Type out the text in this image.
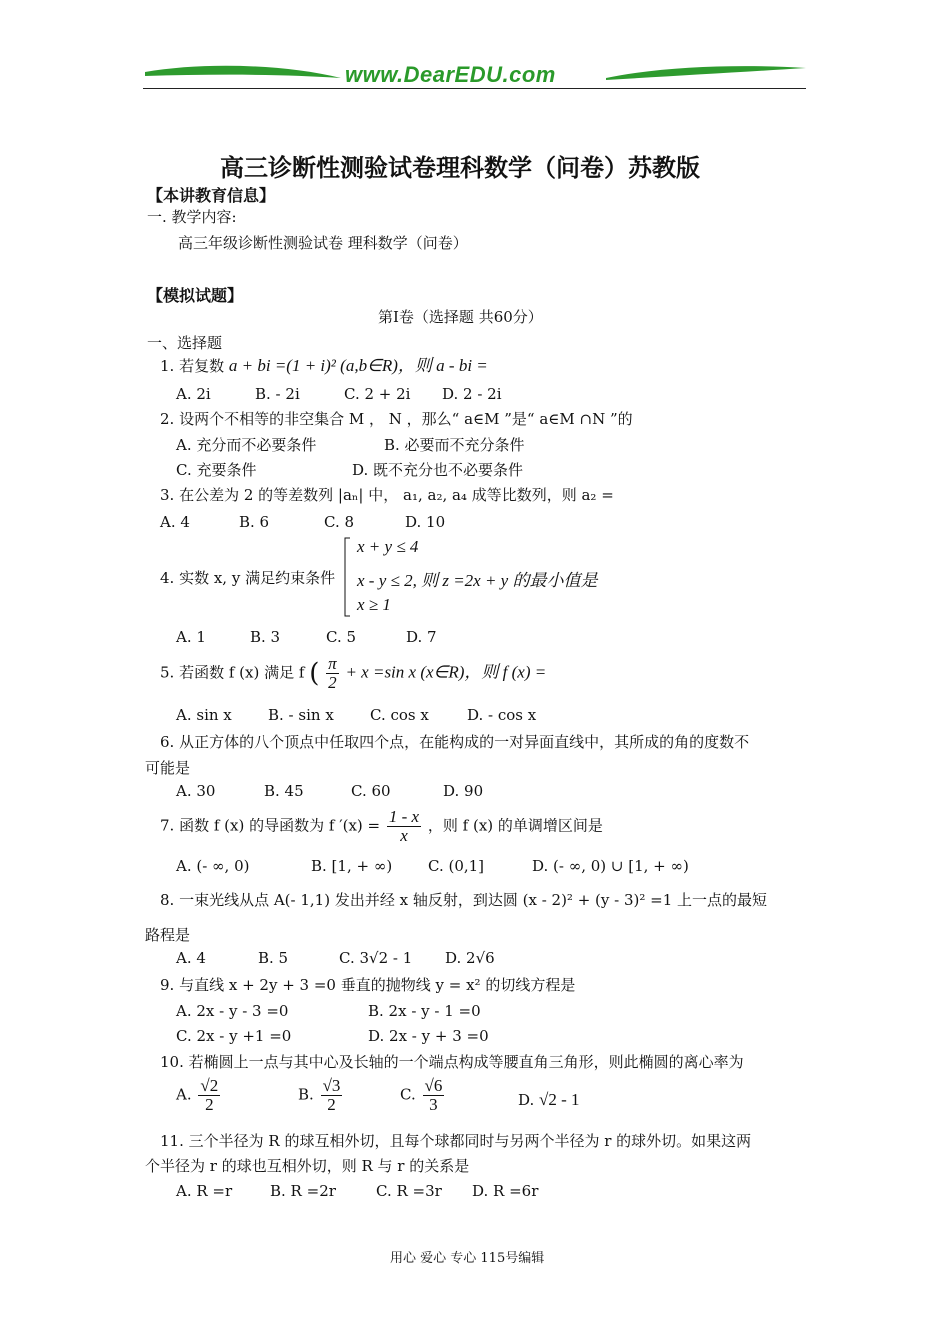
www.DearEDU.com
高三诊断性测验试卷理科数学（问卷）苏教版
【本讲教育信息】
一. 教学内容:
高三年级诊断性测验试卷 理科数学（问卷）
【模拟试题】
第Ⅰ卷（选择题 共60分）
一、选择题
1. 若复数 a + bi =(1 + i)² (a,b∈R)，则 a - bi =
A. 2i	B. - 2i	C. 2 + 2i D. 2 - 2i
2. 设两个不相等的非空集合 M ， N ，那么“ a∈M ”是“ a∈M ∩N ”的
A. 充分而不必要条件	B. 必要而不充分条件
C. 充要条件	D. 既不充分也不必要条件
3. 在公差为 2 的等差数列 |aₙ| 中， a₁, a₂, a₄ 成等比数列，则 a₂ =
A. 4	B. 6	C. 8	D. 10
4. 实数 x, y 满足约束条件
x + y ≤ 4
x - y ≤ 2, 则 z =2x + y 的最小值是
x ≥ 1
A. 1	B. 3	C. 5	D. 7
5. 若函数 f (x) 满足 f ( $\frac{\pi}{2} + x =\sin$ x (x∈R)，则 f (x) =
A. sin x B. - sin x C. cos x	D. - cos x
6. 从正方体的八个顶点中任取四个点，在能构成的一对异面直线中，其所成的角的度数不
可能是
A. 30	B. 45	C. 60	D. 90
7. 函数 f (x) 的导函数为 f $'(x) = \frac{1 - x}{x}$ ，则 f (x) 的单调增区间是
A. (- ∞, 0)	B. [1, + ∞) C. (0,1]	D. (- ∞, 0) ∪ [1, + ∞)
8. 一束光线从点 A(- 1,1) 发出并经 x 轴反射，到达圆 (x - 2)² + (y - 3)² =1 上一点的最短
路程是
A. 4	B. 5	C. 3√2 - 1 D. 2√6
9. 与直线 x + 2y + 3 =0 垂直的抛物线 y = x² 的切线方程是
A. 2x - y - 3 =0	B. 2x - y - 1 =0
C. 2x - y +1 =0	D. 2x - y + 3 =0
10. 若椭圆上一点与其中心及长轴的一个端点构成等腰直角三角形，则此椭圆的离心率为
A. $\frac{√2}{2}$	B. $\frac{√3}{2}$	C. $\frac{√6}{3}$	D. √2 - 1
11. 三个半径为 R 的球互相外切，且每个球都同时与另两个半径为 r 的球外切。如果这两
个半径为 r 的球也互相外切，则 R 与 r 的关系是
A. R =r	B. R =2r	C. R =3r D. R =6r
用心 爱心 专心 115号编辑
